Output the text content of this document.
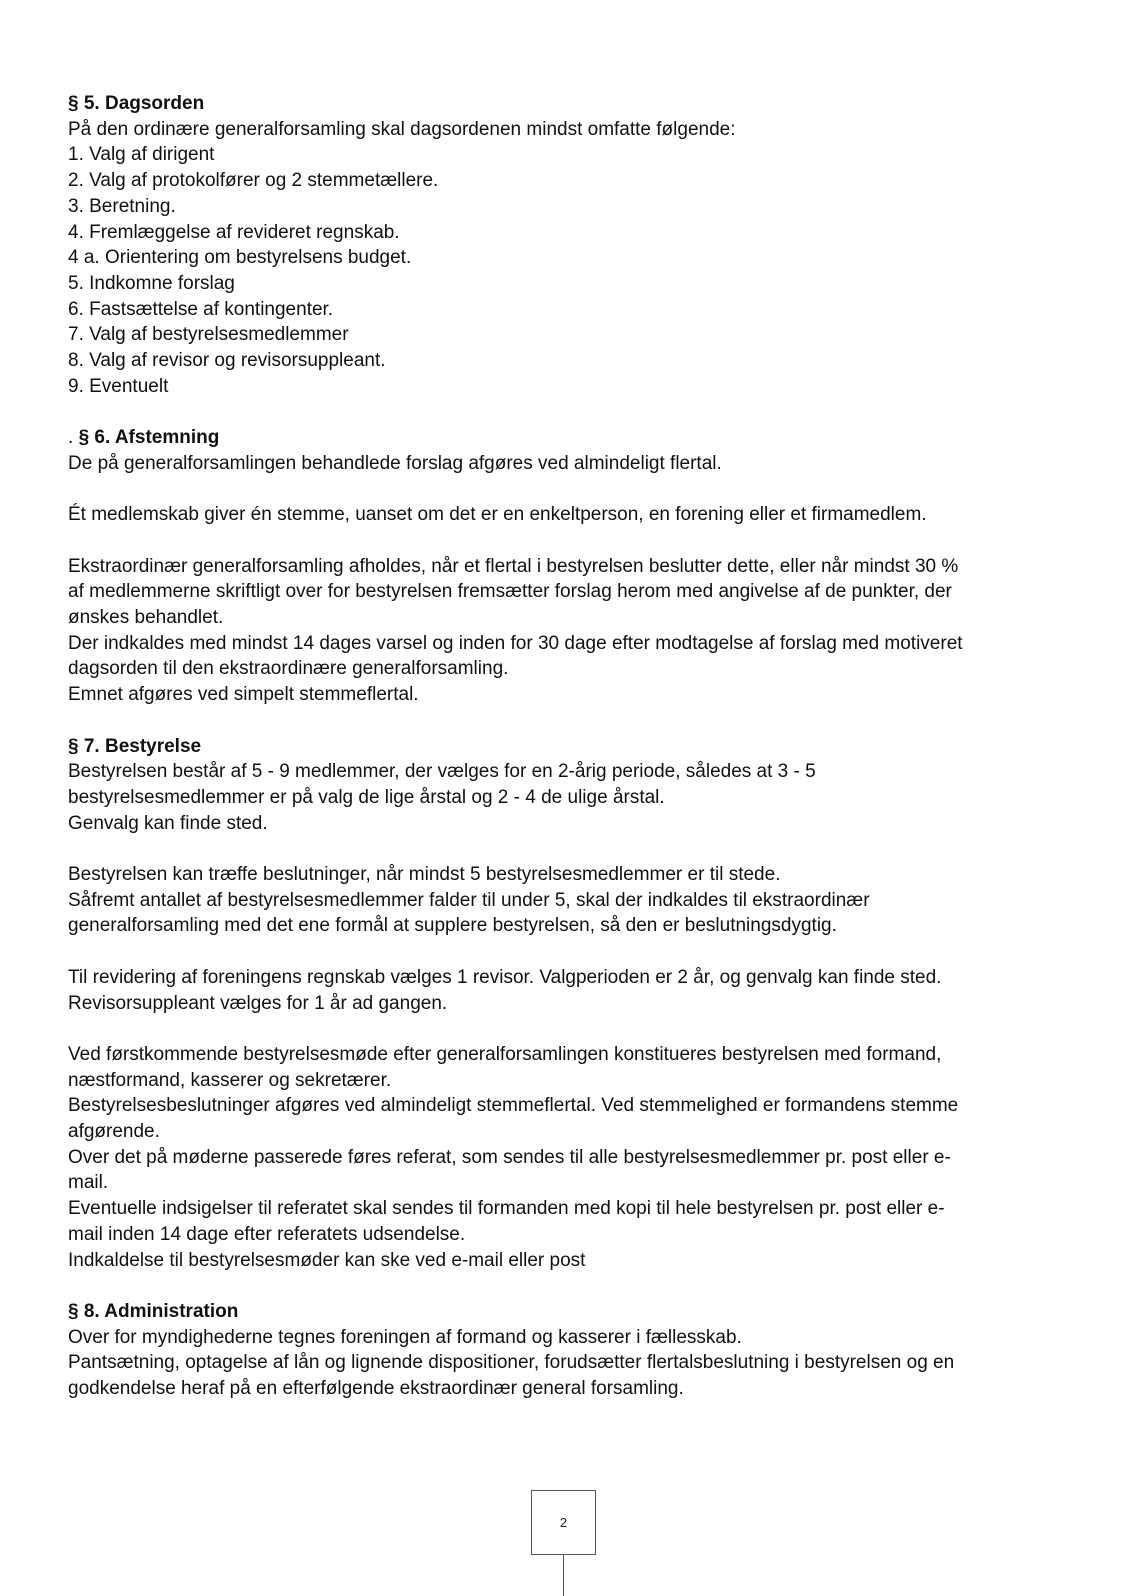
§ 5. Dagsorden
På den ordinære generalforsamling skal dagsordenen mindst omfatte følgende:
1. Valg af dirigent
2. Valg af protokolfører og 2 stemmetællere.
3. Beretning.
4. Fremlæggelse af revideret regnskab.
4 a. Orientering om bestyrelsens budget.
5. Indkomne forslag
6. Fastsættelse af kontingenter.
7. Valg af bestyrelsesmedlemmer
8. Valg af revisor og revisorsuppleant.
9. Eventuelt
. § 6. Afstemning
De på generalforsamlingen behandlede forslag afgøres ved almindeligt flertal.
Ét medlemskab giver én stemme, uanset om det er en enkeltperson, en forening eller et firmamedlem.
Ekstraordinær generalforsamling afholdes, når et flertal i bestyrelsen beslutter dette, eller når mindst 30 %
af medlemmerne skriftligt over for bestyrelsen fremsætter forslag herom med angivelse af de punkter, der
ønskes behandlet.
Der indkaldes med mindst 14 dages varsel og inden for 30 dage efter modtagelse af forslag med motiveret
dagsorden til den ekstraordinære generalforsamling.
Emnet afgøres ved simpelt stemmeflertal.
§ 7. Bestyrelse
Bestyrelsen består af 5 - 9 medlemmer, der vælges for en 2-årig periode, således at 3 - 5
bestyrelsesmedlemmer er på valg de lige årstal og 2 - 4 de ulige årstal.
Genvalg kan finde sted.
Bestyrelsen kan træffe beslutninger, når mindst 5 bestyrelsesmedlemmer er til stede.
Såfremt antallet af bestyrelsesmedlemmer falder til under 5, skal der indkaldes til ekstraordinær
generalforsamling med det ene formål at supplere bestyrelsen, så den er beslutningsdygtig.
Til revidering af foreningens regnskab vælges 1 revisor. Valgperioden er 2 år, og genvalg kan finde sted.
Revisorsuppleant vælges for 1 år ad gangen.
Ved førstkommende bestyrelsesmøde efter generalforsamlingen konstitueres bestyrelsen med formand,
næstformand, kasserer og sekretærer.
Bestyrelsesbeslutninger afgøres ved almindeligt stemmeflertal. Ved stemmelighed er formandens stemme
afgørende.
Over det på møderne passerede føres referat, som sendes til alle bestyrelsesmedlemmer pr. post eller e-
mail.
Eventuelle indsigelser til referatet skal sendes til formanden med kopi til hele bestyrelsen pr. post eller e-
mail inden 14 dage efter referatets udsendelse.
Indkaldelse til bestyrelsesmøder kan ske ved e-mail eller post
§ 8. Administration
Over for myndighederne tegnes foreningen af formand og kasserer i fællesskab.
Pantsætning, optagelse af lån og lignende dispositioner, forudsætter flertalsbeslutning i bestyrelsen og en
godkendelse heraf på en efterfølgende ekstraordinær general forsamling.
2
